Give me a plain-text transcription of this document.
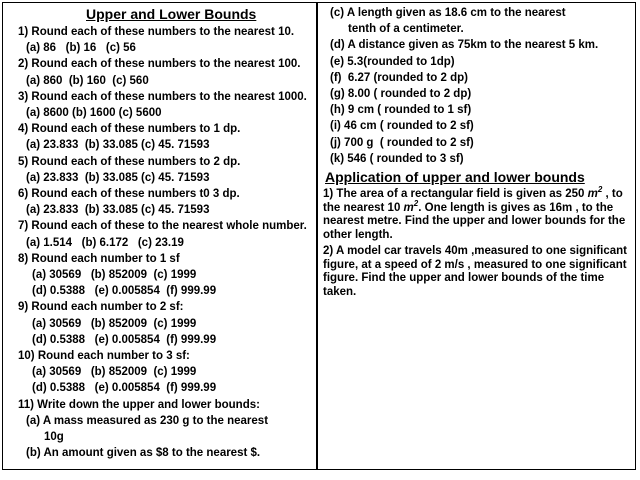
Upper and Lower Bounds
1) Round each of these numbers to the nearest 10.
(a) 86   (b) 16   (c) 56
2) Round each of these numbers to the nearest 100.
(a) 860  (b) 160  (c) 560
3) Round each of these numbers to the nearest 1000.
(a) 8600 (b) 1600 (c) 5600
4) Round each of these numbers to 1 dp.
(a) 23.833  (b) 33.085 (c) 45. 71593
5) Round each of these numbers to 2 dp.
(a) 23.833  (b) 33.085 (c) 45. 71593
6) Round each of these numbers t0 3 dp.
(a) 23.833  (b) 33.085 (c) 45. 71593
7) Round each of these to the nearest whole number.
(a) 1.514   (b) 6.172   (c) 23.19
8) Round each number to 1 sf
(a) 30569   (b) 852009  (c) 1999
(d) 0.5388   (e) 0.005854  (f) 999.99
9) Round each number to 2 sf:
(a) 30569   (b) 852009  (c) 1999
(d) 0.5388   (e) 0.005854  (f) 999.99
10) Round each number to 3 sf:
(a) 30569   (b) 852009  (c) 1999
(d) 0.5388   (e) 0.005854  (f) 999.99
11) Write down the upper and lower bounds:
(a) A mass measured as 230 g to the nearest
10g
(b) An amount given as $8 to the nearest $.
(c) A length given as 18.6 cm to the nearest
tenth of a centimeter.
(d) A distance given as 75km to the nearest 5 km.
(e) 5.3(rounded to 1dp)
(f)  6.27 (rounded to 2 dp)
(g) 8.00 ( rounded to 2 dp)
(h) 9 cm ( rounded to 1 sf)
(i) 46 cm ( rounded to 2 sf)
(j) 700 g  ( rounded to 2 sf)
(k) 546 ( rounded to 3 sf)
Application of upper and lower bounds
1) The area of a rectangular field is given as 250 $m^2$ , to the nearest 10 $m^2$. One length is gives as 16m , to the nearest metre. Find the upper and lower bounds for the other length.
2) A model car travels 40m ,measured to one significant figure, at a speed of 2 m/s , measured to one significant figure. Find the upper and lower bounds of the time taken.
